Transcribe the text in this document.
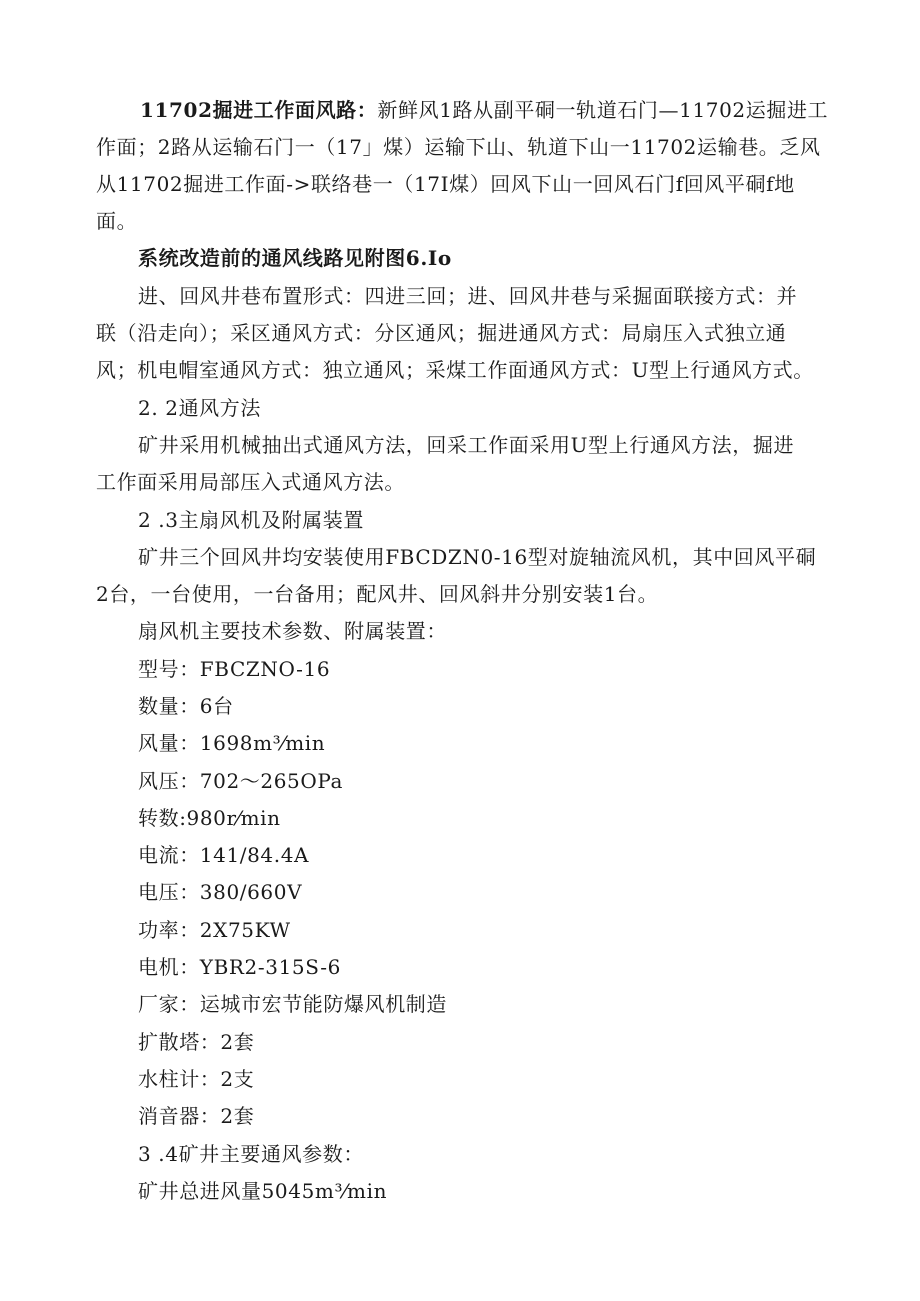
11702掘进工作面风路：新鲜风1路从副平硐一轨道石门—11702运掘进工
作面；2路从运输石门一（17」煤）运输下山、轨道下山一11702运输巷。乏风
从11702掘进工作面->联络巷一（17I煤）回风下山一回风石门f回风平硐f地
面。
系统改造前的通风线路见附图6.Io
进、回风井巷布置形式：四进三回；进、回风井巷与采掘面联接方式：并
联（沿走向）；采区通风方式：分区通风；掘进通风方式：局扇压入式独立通
风；机电帽室通风方式：独立通风；采煤工作面通风方式：U型上行通风方式。
2. 2通风方法
矿井采用机械抽出式通风方法，回采工作面采用U型上行通风方法，掘进
工作面采用局部压入式通风方法。
2 .3主扇风机及附属装置
矿井三个回风井均安装使用FBCDZN0-16型对旋轴流风机，其中回风平硐
2台，一台使用，一台备用；配风井、回风斜井分别安装1台。
扇风机主要技术参数、附属装置：
型号：FBCZNO-16
数量：6台
风量：1698m³⁄min
风压：702～265OPa
转数:980r⁄min
电流：141/84.4A
电压：380/660V
功率：2X75KW
电机：YBR2-315S-6
厂家：运城市宏节能防爆风机制造
扩散塔：2套
水柱计：2支
消音器：2套
3 .4矿井主要通风参数：
矿井总进风量5045m³⁄min
